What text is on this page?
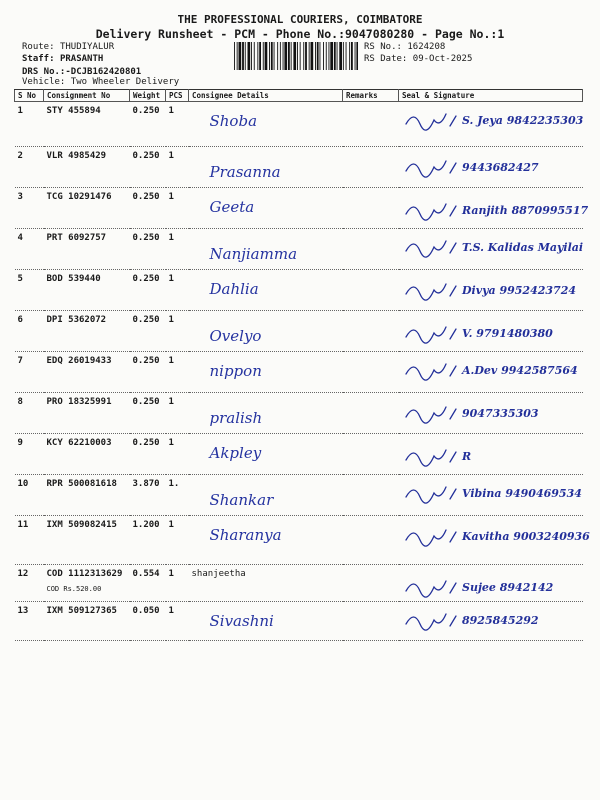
THE PROFESSIONAL COURIERS, COIMBATORE
Delivery Runsheet - PCM - Phone No.:9047080280 - Page No.:1
Route: THUDIYALUR
Staff: PRASANTH
DRS No.:-DCJB162420801
Vehicle: Two Wheeler Delivery
RS No.: 1624208
RS Date: 09-Oct-2025
S No	Consignment No	Weight	PCS	Consignee Details	Remarks	Seal & Signature
1	STY 455894	0.250	1	Shoba		S. Jeya 9842235303

2	VLR 4985429	0.250	1	Prasanna		9443682427

3	TCG 10291476	0.250	1	Geeta		Ranjith 8870995517

4	PRT 6092757	0.250	1	Nanjiamma		T.S. Kalidas Mayilai

5	BOD 539440	0.250	1	Dahlia		Divya 9952423724

6	DPI 5362072	0.250	1	Ovelyo		V. 9791480380

7	EDQ 26019433	0.250	1	nippon		A.Dev 9942587564

8	PRO 18325991	0.250	1	pralish		9047335303

9	KCY 62210003	0.250	1	Akpley		R

10	RPR 500081618	3.870	1.	Shankar		Vibina 9490469534

11	IXM 509082415	1.200	1	Sharanya		Kavitha 9003240936

12	COD 1112313629
COD Rs.520.00	0.554	1	shanjeetha		Sujee 8942142

13	IXM 509127365	0.050	1	Sivashni		8925845292
